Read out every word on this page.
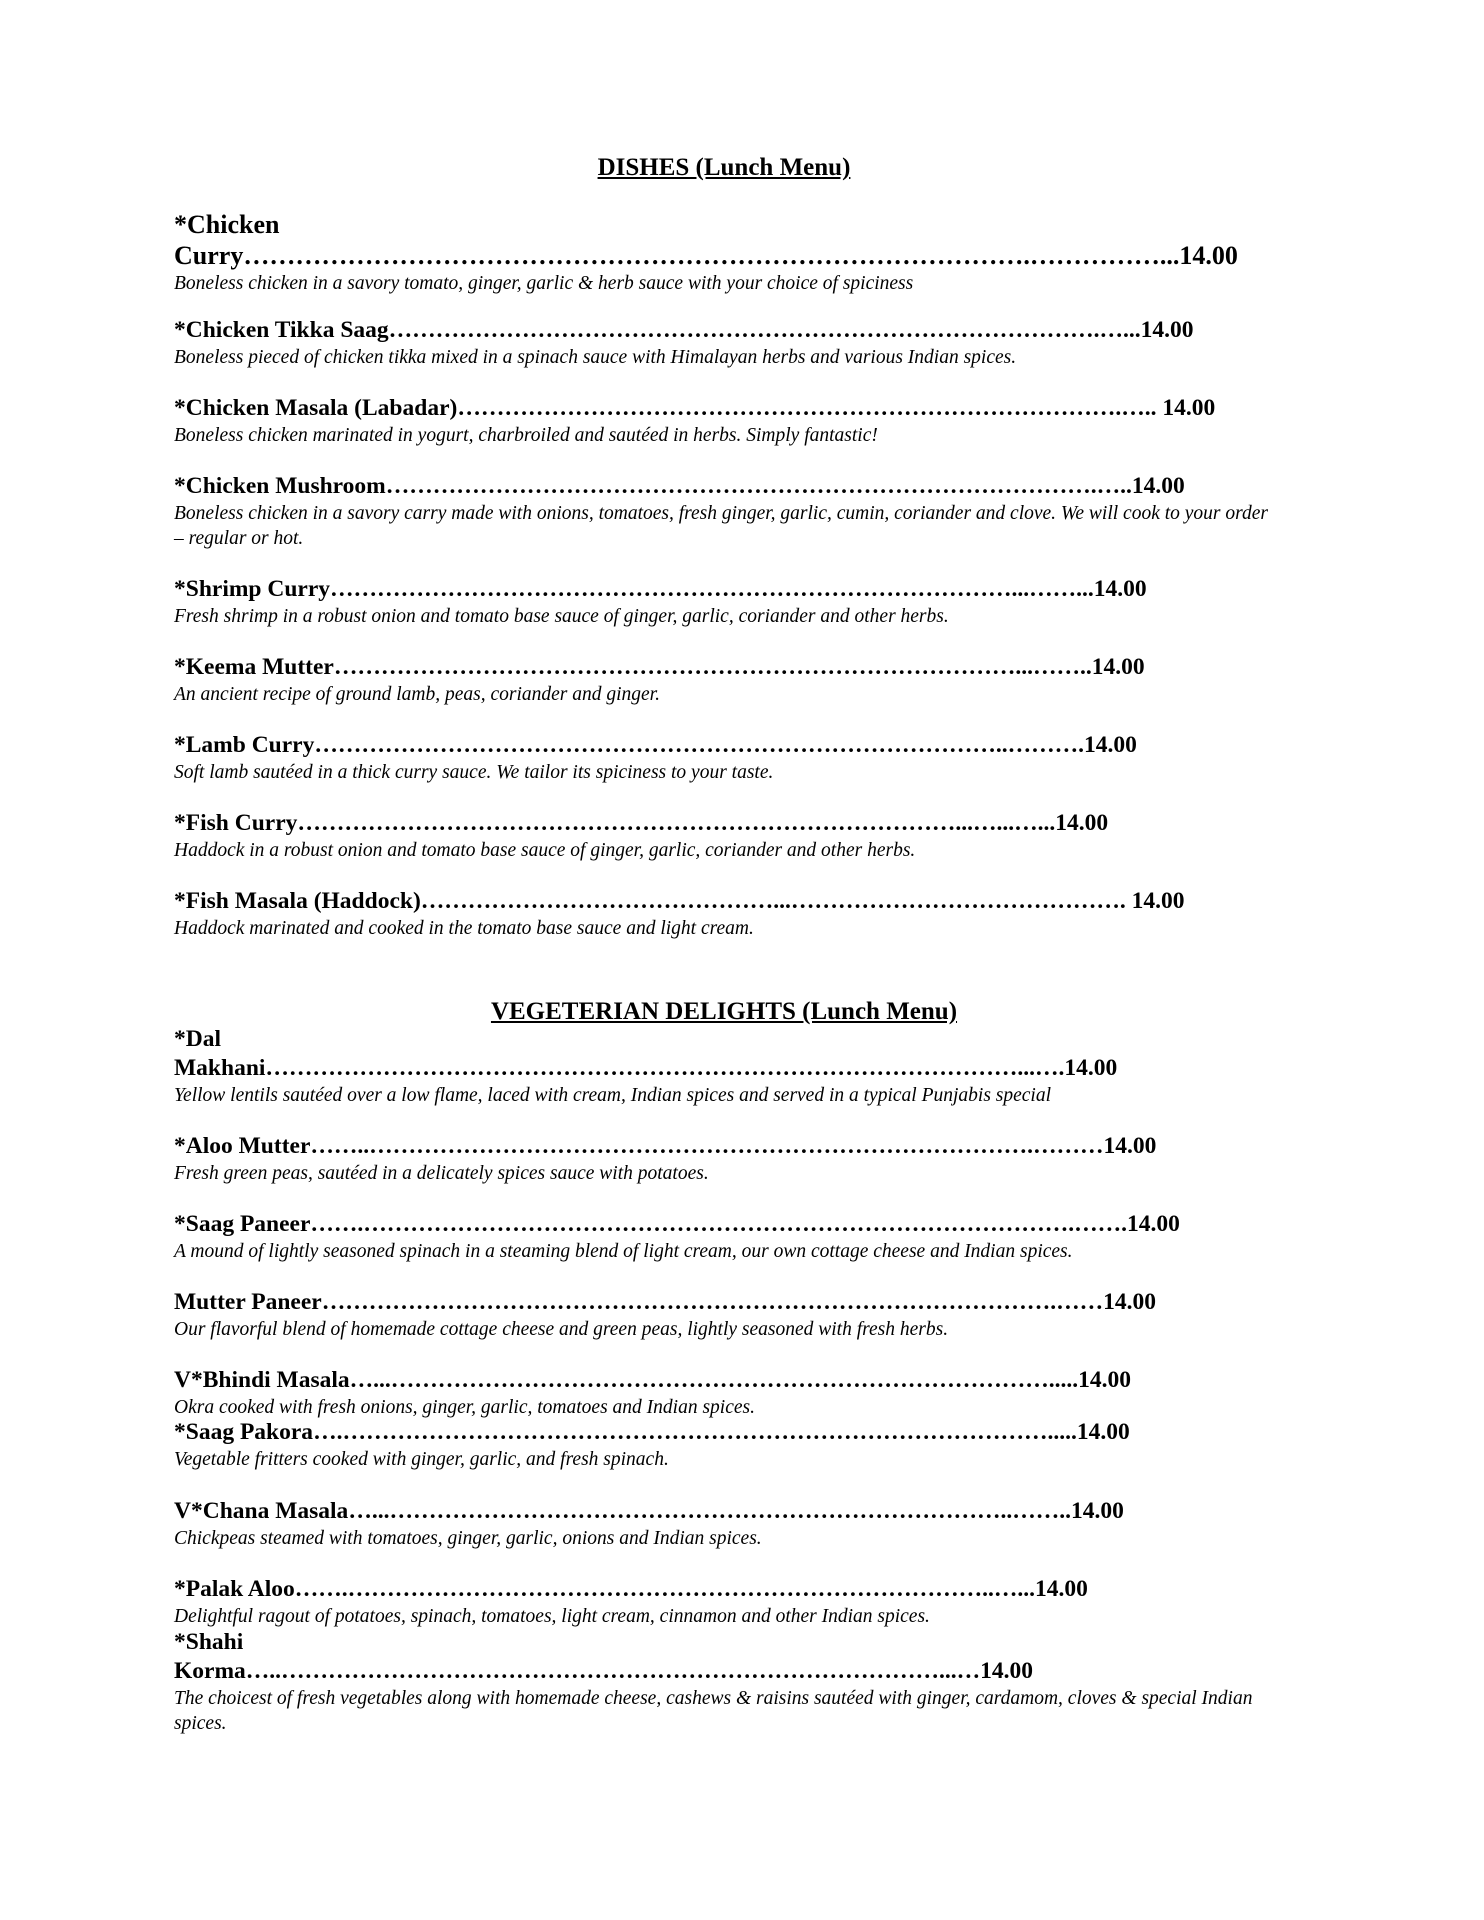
DISHES (Lunch Menu)
*Chicken
Curry……………………………………………………………………………….……………...14.00
Boneless chicken in a savory tomato, ginger, garlic & herb sauce with your choice of spiciness
*Chicken Tikka Saag……………………………………………………………………………….…...14.00
Boneless pieced of chicken tikka mixed in a spinach sauce with Himalayan herbs and various Indian spices.
*Chicken Masala (Labadar)………………………………………………………………………….….. 14.00
Boneless chicken marinated in yogurt, charbroiled and sautéed in herbs. Simply fantastic!
*Chicken Mushroom……………………………………………………………………………….…..14.00
Boneless chicken in a savory carry made with onions, tomatoes, fresh ginger, garlic, cumin, coriander and clove. We will cook to your order – regular or hot.
*Shrimp Curry……………………………………………………………………………...……...14.00
Fresh shrimp in a robust onion and tomato base sauce of ginger, garlic, coriander and other herbs.
*Keema Mutter……………………………………………………………………………...……..14.00
An ancient recipe of ground lamb, peas, coriander and ginger.
*Lamb Curry……………………………………………………………………………..……….14.00
Soft lamb sautéed in a thick curry sauce. We tailor its spiciness to your taste.
*Fish Curry…………………………………………………………………………...…...…...14.00
Haddock in a robust onion and tomato base sauce of ginger, garlic, coriander and other herbs.
*Fish Masala (Haddock)………………………………………...……………………………………. 14.00
Haddock marinated and cooked in the tomato base sauce and light cream.
VEGETERIAN DELIGHTS (Lunch Menu)
*Dal
Makhani……………………………………………………………………………………...….14.00
Yellow lentils sautéed over a low flame, laced with cream, Indian spices and served in a typical Punjabis special
*Aloo Mutter……..………………………………………………………………………….………14.00
Fresh green peas, sautéed in a delicately spices sauce with potatoes.
*Saag Paneer…….……………………………………………………………………………….…….14.00
A mound of lightly seasoned spinach in a steaming blend of light cream, our own cottage cheese and Indian spices.
Mutter Paneer………………………………………………………………………………….……14.00
Our flavorful blend of homemade cottage cheese and green peas, lightly seasoned with fresh herbs.
V*Bhindi Masala…...………………………………………………………………………….....14.00
Okra cooked with fresh onions, ginger, garlic, tomatoes and Indian spices.
*Saag Pakora….……………………………………………………………………………….....14.00
Vegetable fritters cooked with ginger, garlic, and fresh spinach.
V*Chana Masala…...……………………………………………………………………..……..14.00
Chickpeas steamed with tomatoes, ginger, garlic, onions and Indian spices.
*Palak Aloo…….………………………………………………………………………..…...14.00
Delightful ragout of potatoes, spinach, tomatoes, light cream, cinnamon and other Indian spices.
*Shahi
Korma…..…………………………………………………………………………...…14.00
The choicest of fresh vegetables along with homemade cheese, cashews & raisins sautéed with ginger, cardamom, cloves & special Indian spices.
